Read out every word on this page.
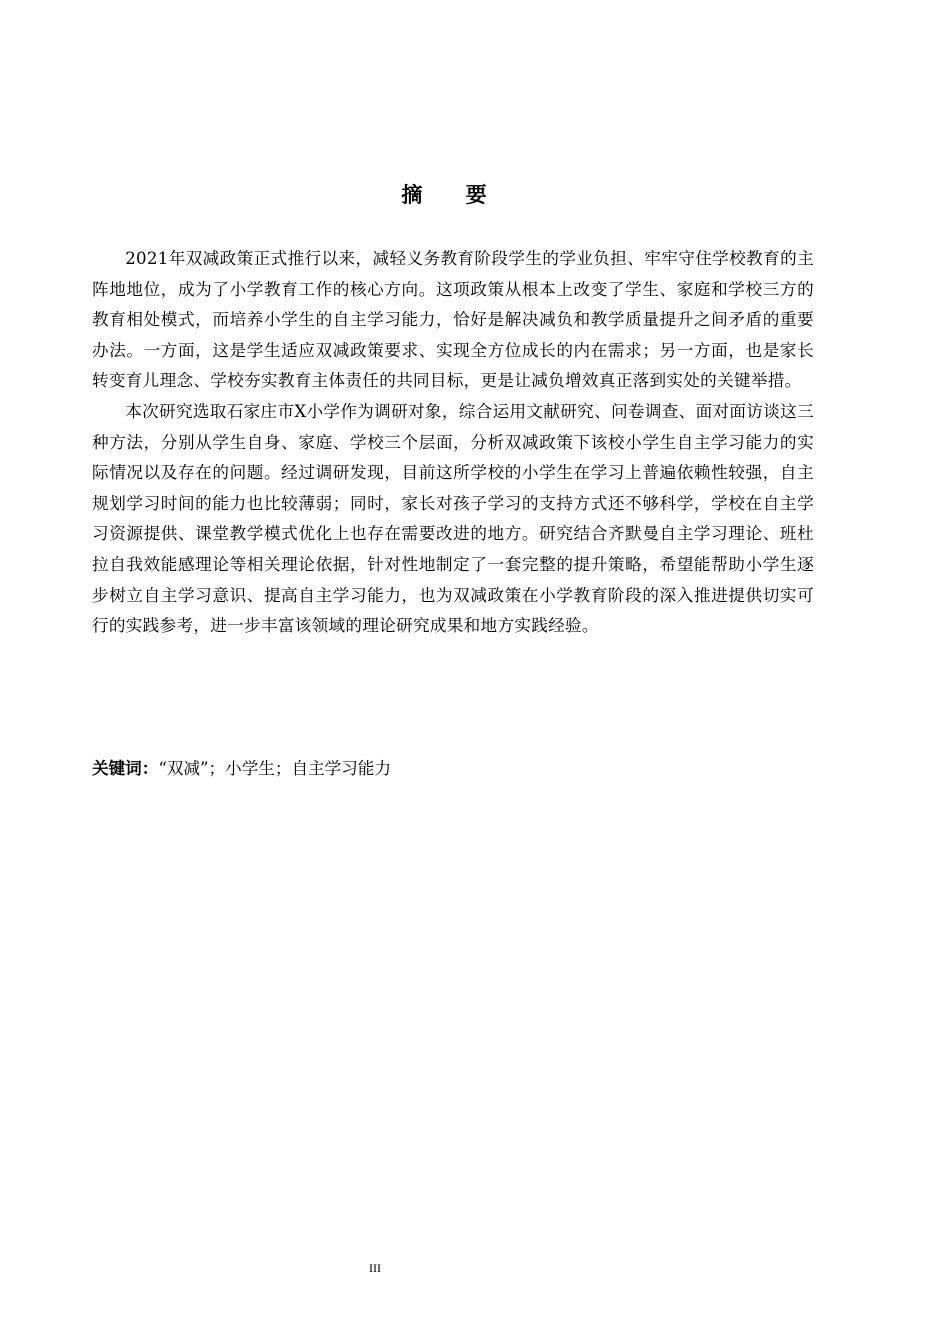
摘 要

2021年双减政策正式推行以来，减轻义务教育阶段学生的学业负担、牢牢守住学校教育的主阵地地位，成为了小学教育工作的核心方向。这项政策从根本上改变了学生、家庭和学校三方的教育相处模式，而培养小学生的自主学习能力，恰好是解决减负和教学质量提升之间矛盾的重要办法。一方面，这是学生适应双减政策要求、实现全方位成长的内在需求；另一方面，也是家长转变育儿理念、学校夯实教育主体责任的共同目标，更是让减负增效真正落到实处的关键举措。

本次研究选取石家庄市X小学作为调研对象，综合运用文献研究、问卷调查、面对面访谈这三种方法，分别从学生自身、家庭、学校三个层面，分析双减政策下该校小学生自主学习能力的实际情况以及存在的问题。经过调研发现，目前这所学校的小学生在学习上普遍依赖性较强，自主规划学习时间的能力也比较薄弱；同时，家长对孩子学习的支持方式还不够科学，学校在自主学习资源提供、课堂教学模式优化上也存在需要改进的地方。研究结合齐默曼自主学习理论、班杜拉自我效能感理论等相关理论依据，针对性地制定了一套完整的提升策略，希望能帮助小学生逐步树立自主学习意识、提高自主学习能力，也为双减政策在小学教育阶段的深入推进提供切实可行的实践参考，进一步丰富该领域的理论研究成果和地方实践经验。

关键词：“双减”；小学生；自主学习能力

III
